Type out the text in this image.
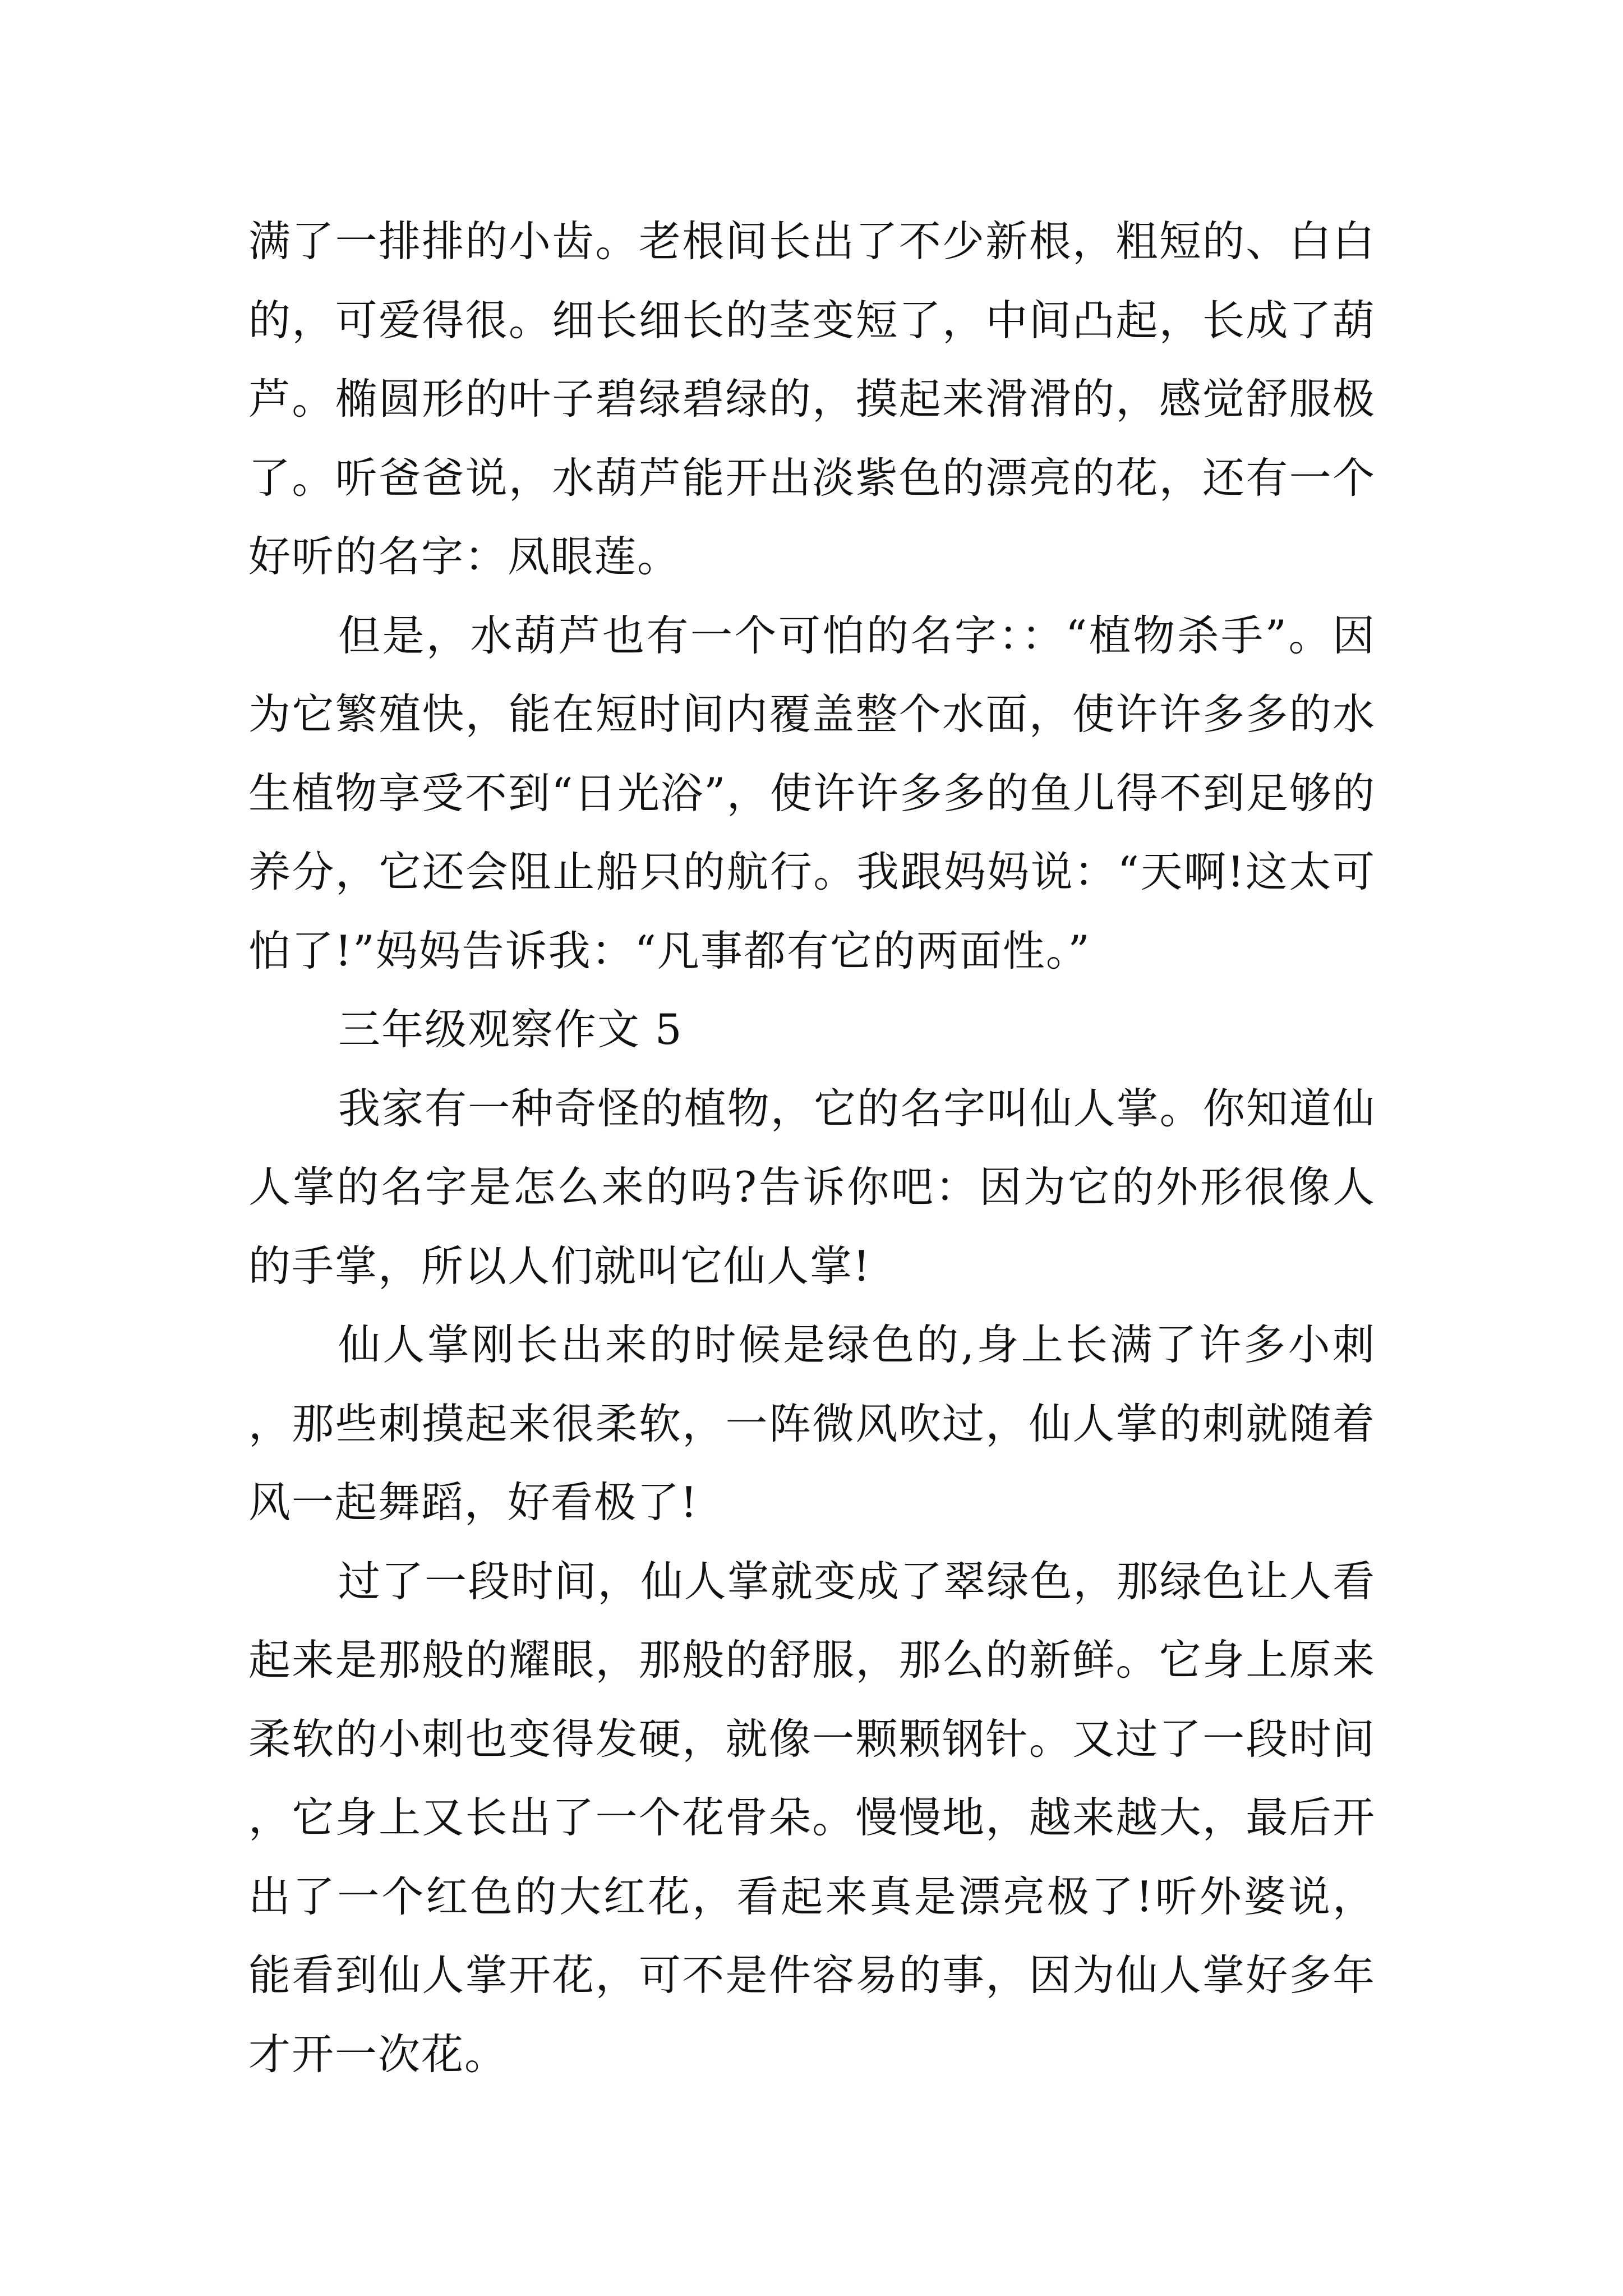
满了一排排的小齿。老根间长出了不少新根，粗短的、白白的，可爱得很。细长细长的茎变短了，中间凸起，长成了葫芦。椭圆形的叶子碧绿碧绿的，摸起来滑滑的，感觉舒服极了。听爸爸说，水葫芦能开出淡紫色的漂亮的花，还有一个好听的名字：凤眼莲。

但是，水葫芦也有一个可怕的名字：：“植物杀手”。因为它繁殖快，能在短时间内覆盖整个水面，使许许多多的水生植物享受不到“日光浴”，使许许多多的鱼儿得不到足够的养分，它还会阻止船只的航行。我跟妈妈说：“天啊!这太可怕了!”妈妈告诉我：“凡事都有它的两面性。”

三年级观察作文 5

我家有一种奇怪的植物，它的名字叫仙人掌。你知道仙人掌的名字是怎么来的吗?告诉你吧：因为它的外形很像人的手掌，所以人们就叫它仙人掌!

仙人掌刚长出来的时候是绿色的,身上长满了许多小刺，那些刺摸起来很柔软，一阵微风吹过，仙人掌的刺就随着风一起舞蹈，好看极了!

过了一段时间，仙人掌就变成了翠绿色，那绿色让人看起来是那般的耀眼，那般的舒服，那么的新鲜。它身上原来柔软的小刺也变得发硬，就像一颗颗钢针。又过了一段时间，它身上又长出了一个花骨朵。慢慢地，越来越大，最后开出了一个红色的大红花，看起来真是漂亮极了!听外婆说，能看到仙人掌开花，可不是件容易的事，因为仙人掌好多年才开一次花。
